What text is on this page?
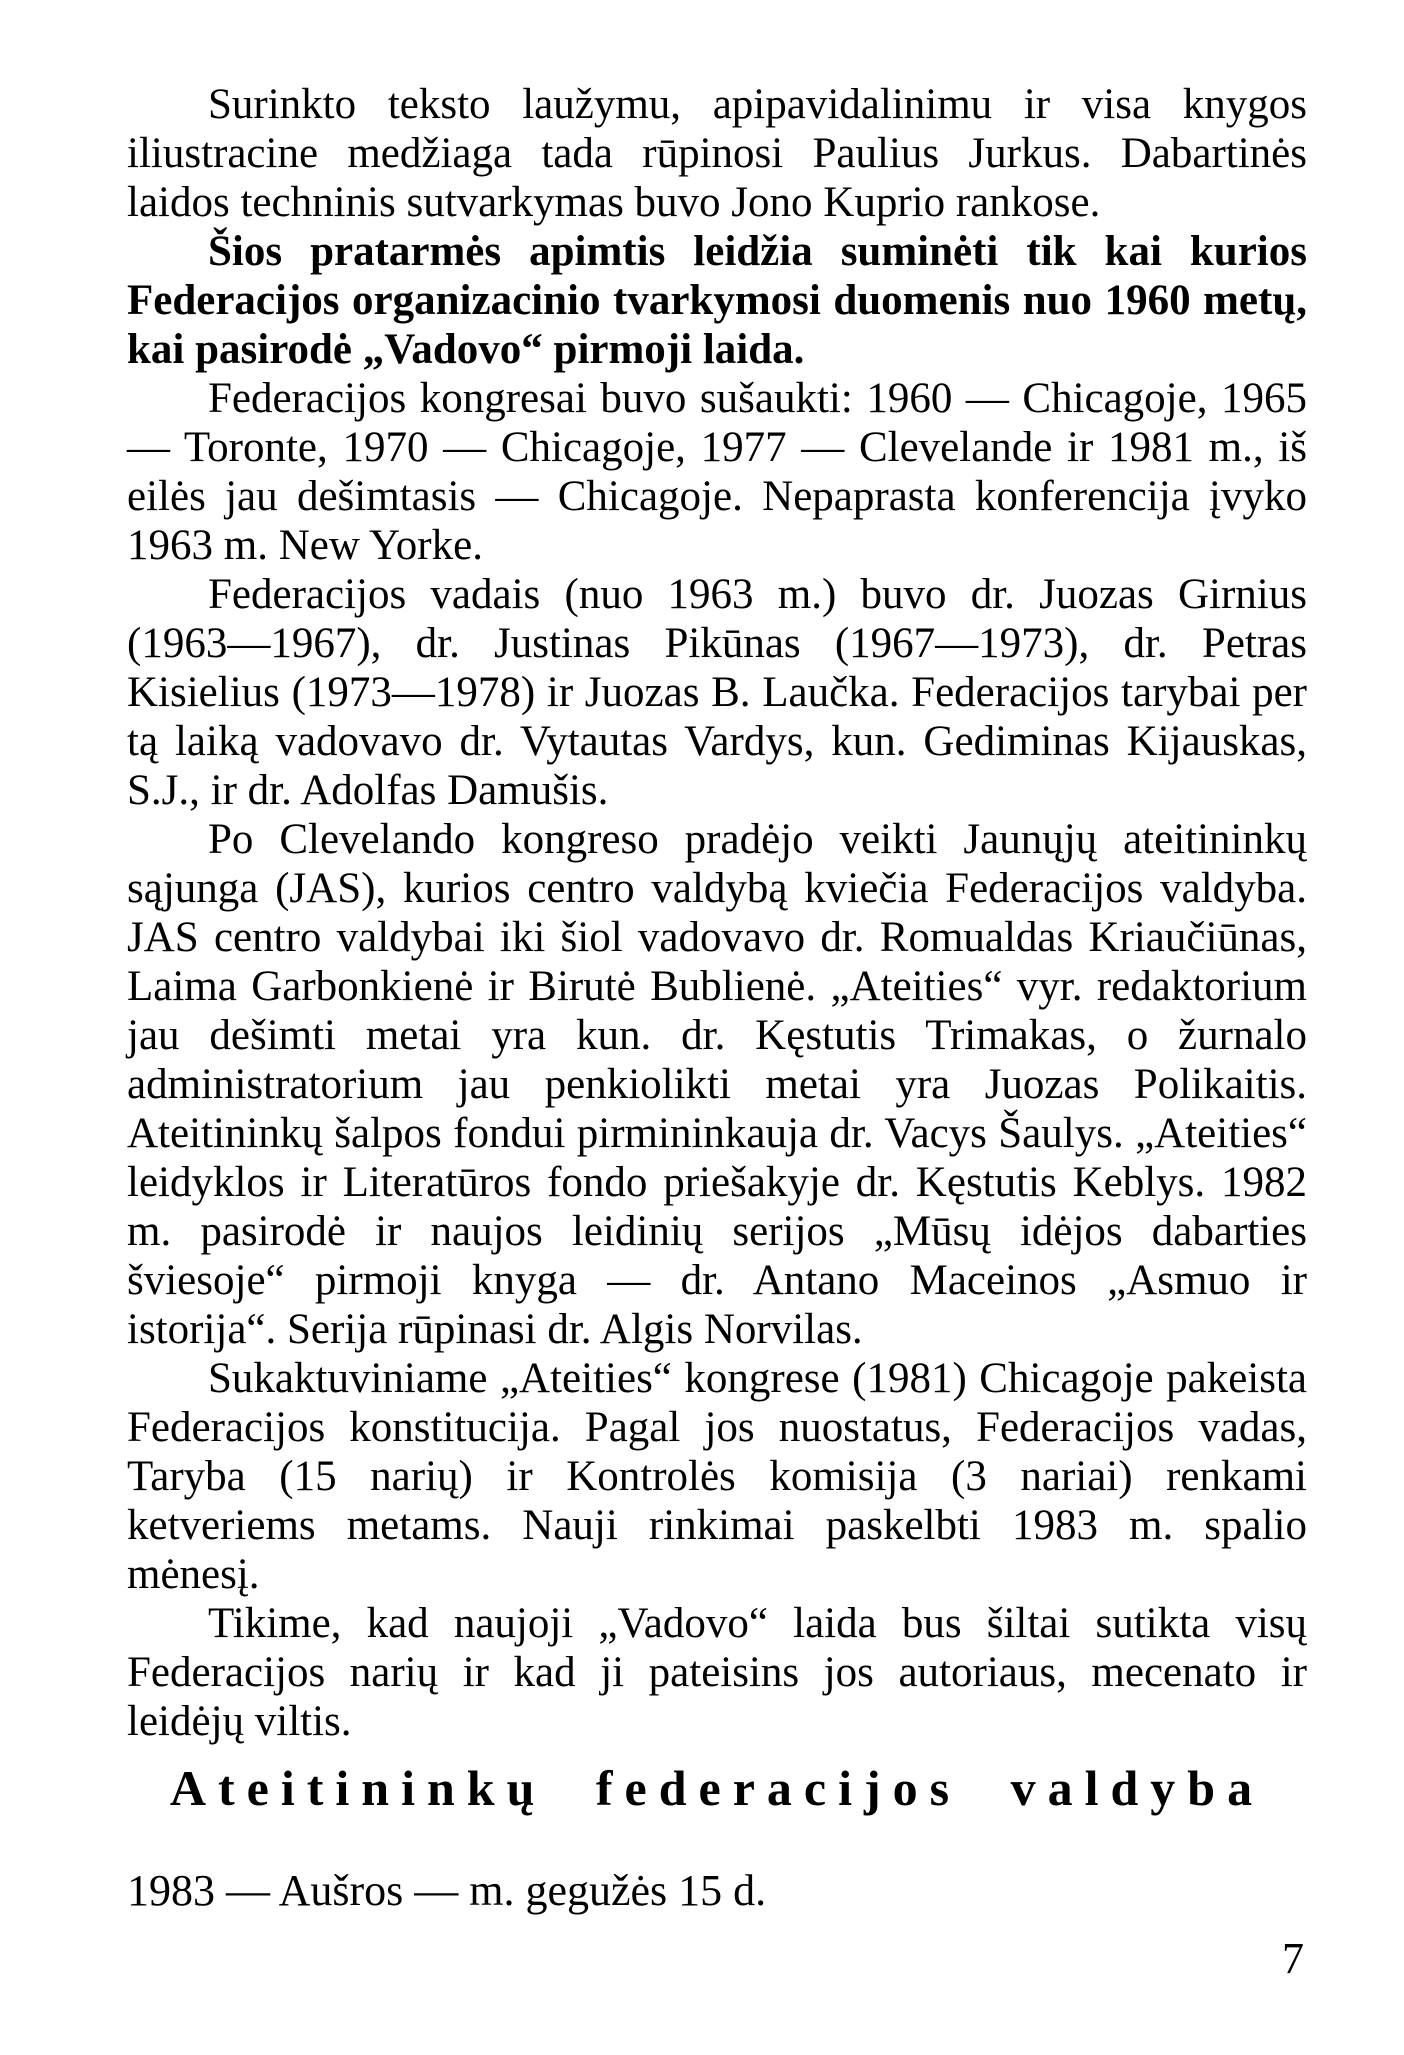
Surinkto teksto laužymu, apipavidalinimu ir visa knygos iliustracine medžiaga tada rūpinosi Paulius Jurkus. Dabartinės laidos techninis sutvarkymas buvo Jono Kuprio rankose.

Šios pratarmės apimtis leidžia suminėti tik kai kurios Federacijos organizacinio tvarkymosi duomenis nuo 1960 metų, kai pasirodė „Vadovo“ pirmoji laida.

Federacijos kongresai buvo sušaukti: 1960 — Chicagoje, 1965 — Toronte, 1970 — Chicagoje, 1977 — Clevelande ir 1981 m., iš eilės jau dešimtasis — Chicagoje. Nepaprasta konferencija įvyko 1963 m. New Yorke.

Federacijos vadais (nuo 1963 m.) buvo dr. Juozas Girnius (1963—1967), dr. Justinas Pikūnas (1967—1973), dr. Petras Kisielius (1973—1978) ir Juozas B. Laučka. Federacijos tarybai per tą laiką vadovavo dr. Vytautas Vardys, kun. Gediminas Kijauskas, S.J., ir dr. Adolfas Damušis.

Po Clevelando kongreso pradėjo veikti Jaunųjų ateitininkų sąjunga (JAS), kurios centro valdybą kviečia Federacijos valdyba. JAS centro valdybai iki šiol vadovavo dr. Romualdas Kriaučiūnas, Laima Garbonkienė ir Birutė Bublienė. „Ateities“ vyr. redaktorium jau dešimti metai yra kun. dr. Kęstutis Trimakas, o žurnalo administratorium jau penkiolikti metai yra Juozas Polikaitis. Ateitininkų šalpos fondui pirmininkauja dr. Vacys Šaulys. „Ateities“ leidyklos ir Literatūros fondo priešakyje dr. Kęstutis Keblys. 1982 m. pasirodė ir naujos leidinių serijos „Mūsų idėjos dabarties šviesoje“ pirmoji knyga — dr. Antano Maceinos „Asmuo ir istorija“. Serija rūpinasi dr. Algis Norvilas.

Sukaktuviniame „Ateities“ kongrese (1981) Chicagoje pakeista Federacijos konstitucija. Pagal jos nuostatus, Federacijos vadas, Taryba (15 narių) ir Kontrolės komisija (3 nariai) renkami ketveriems metams. Nauji rinkimai paskelbti 1983 m. spalio mėnesį.

Tikime, kad naujoji „Vadovo“ laida bus šiltai sutikta visų Federacijos narių ir kad ji pateisins jos autoriaus, mecenato ir leidėjų viltis.

Ateitininkų federacijos valdyba

1983 — Aušros — m. gegužės 15 d.

7
